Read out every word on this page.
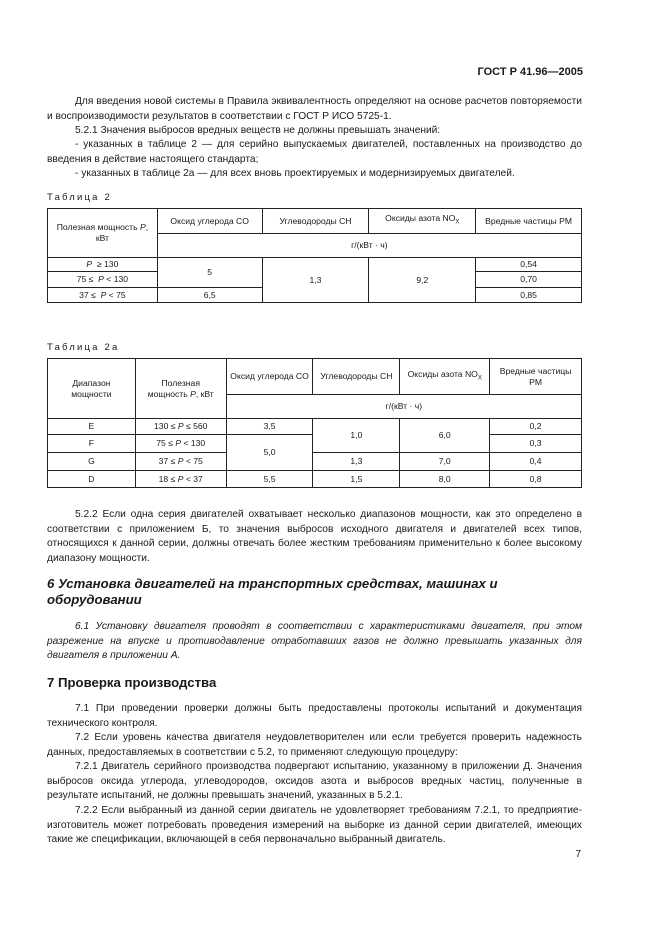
ГОСТ Р 41.96—2005
Для введения новой системы в Правила эквивалентность определяют на основе расчетов повторяемости и воспроизводимости результатов в соответствии с ГОСТ Р ИСО 5725-1.
5.2.1 Значения выбросов вредных веществ не должны превышать значений:
- указанных в таблице 2 — для серийно выпускаемых двигателей, поставленных на производство до введения в действие настоящего стандарта;
- указанных в таблице 2а — для всех вновь проектируемых и модернизируемых двигателей.
Таблица 2
Полезная мощность P,
кВт	Оксид углерода CO	Углеводороды CH	Оксиды азота $NO_X$	Вредные частицы PM
	г/(кВт · ч)			
P  ≥ 130	5	1,3	9,2	0,54
75 ≤  P < 130				0,70
37 ≤  P < 75	6,5			0,85
Таблица 2а
Диапазон
мощности	Полезная
мощность P, кВт	Оксид углерода CO	Углеводороды CH	Оксиды азота $NO_X$	Вредные частицы
PM
		г/(кВт · ч)			
E	130 ≤ P ≤ 560	3,5	1,0	6,0	0,2
F	75 ≤ P < 130	5,0			0,3
G	37 ≤ P < 75		1,3	7,0	0,4
D	18 ≤ P < 37	5,5	1,5	8,0	0,8
5.2.2 Если одна серия двигателей охватывает несколько диапазонов мощности, как это определено в соответствии с приложением Б, то значения выбросов исходного двигателя и двигателей всех типов, относящихся к данной серии, должны отвечать более жестким требованиям применительно к более высокому диапазону мощности.
6 Установка двигателей на транспортных средствах, машинах и оборудовании
6.1 Установку двигателя проводят в соответствии с характеристиками двигателя, при этом разрежение на впуске и противодавление отработавших газов не должно превышать указанных для двигателя в приложении А.
7 Проверка производства
7.1 При проведении проверки должны быть предоставлены протоколы испытаний и документация технического контроля.
7.2 Если уровень качества двигателя неудовлетворителен или если требуется проверить надежность данных, предоставляемых в соответствии с 5.2, то применяют следующую процедуру:
7.2.1 Двигатель серийного производства подвергают испытанию, указанному в приложении Д. Значения выбросов оксида углерода, углеводородов, оксидов азота и выбросов вредных частиц, полученные в результате испытаний, не должны превышать значений, указанных в 5.2.1.
7.2.2 Если выбранный из данной серии двигатель не удовлетворяет требованиям 7.2.1, то предприятие-изготовитель может потребовать проведения измерений на выборке из данной серии двигателей, имеющих такие же спецификации, включающей в себя первоначально выбранный двигатель.
7
